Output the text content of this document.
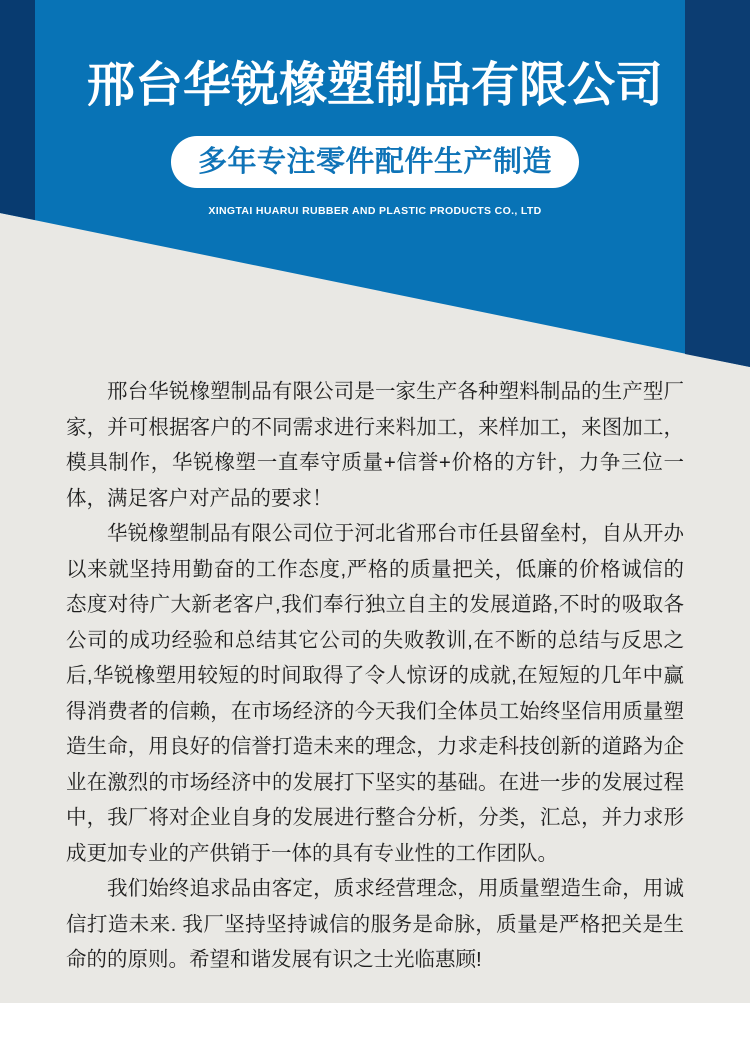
邢台华锐橡塑制品有限公司
多年专注零件配件生产制造
XINGTAI HUARUI RUBBER AND PLASTIC PRODUCTS CO., LTD

邢台华锐橡塑制品有限公司是一家生产各种塑料制品的生产型厂家，并可根据客户的不同需求进行来料加工，来样加工，来图加工，模具制作，华锐橡塑一直奉守质量+信誉+价格的方针，力争三位一体，满足客户对产品的要求！

华锐橡塑制品有限公司位于河北省邢台市任县留垒村，自从开办以来就坚持用勤奋的工作态度,严格的质量把关，低廉的价格诚信的态度对待广大新老客户,我们奉行独立自主的发展道路,不时的吸取各公司的成功经验和总结其它公司的失败教训,在不断的总结与反思之后,华锐橡塑用较短的时间取得了令人惊讶的成就,在短短的几年中赢得消费者的信赖，在市场经济的今天我们全体员工始终坚信用质量塑造生命，用良好的信誉打造未来的理念，力求走科技创新的道路为企业在激烈的市场经济中的发展打下坚实的基础。在进一步的发展过程中，我厂将对企业自身的发展进行整合分析，分类，汇总，并力求形成更加专业的产供销于一体的具有专业性的工作团队。

我们始终追求品由客定，质求经营理念，用质量塑造生命，用诚信打造未来. 我厂坚持坚持诚信的服务是命脉，质量是严格把关是生命的的原则。希望和谐发展有识之士光临惠顾!
